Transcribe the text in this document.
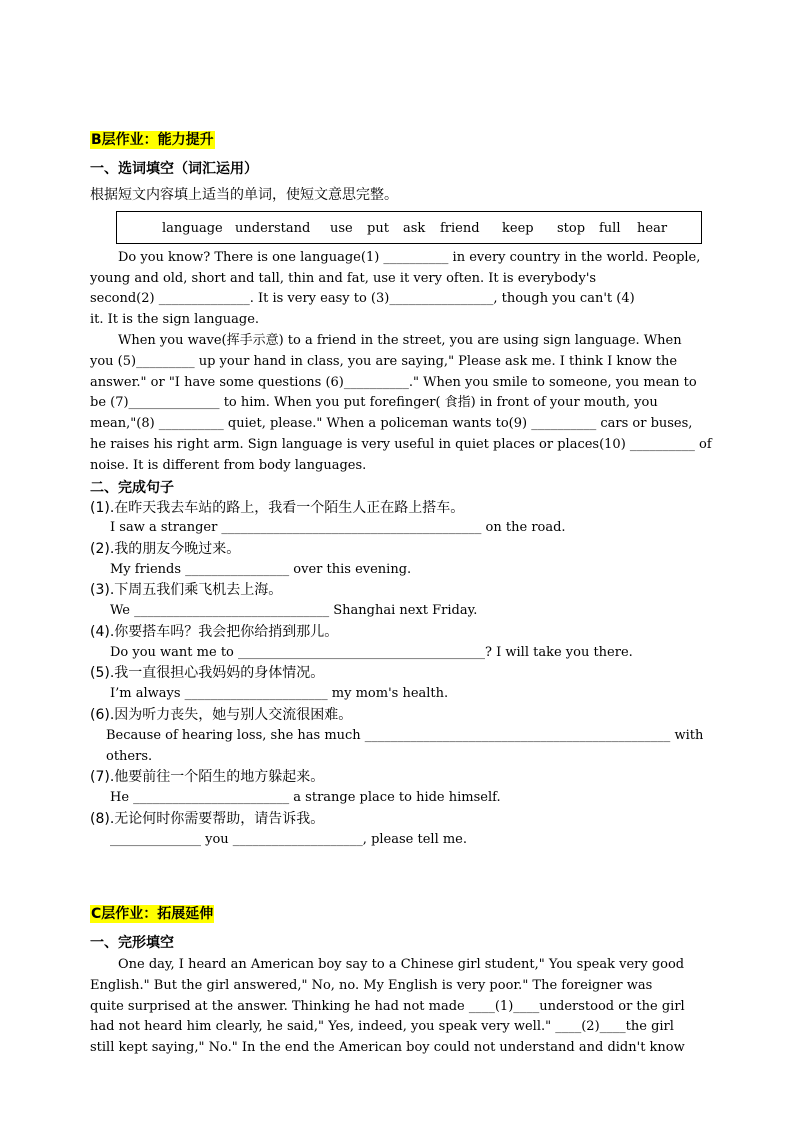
B层作业：能力提升
一、选词填空（词汇运用）
根据短文内容填上适当的单词，使短文意思完整。
language understand use put ask friend keep stop full hear
Do you know? There is one language(1) __________ in every country in the world. People,
young and old, short and tall, thin and fat, use it very often. It is everybody's
second(2) ______________. It is very easy to (3)________________, though you can't (4)
it. It is the sign language.
When you wave(挥手示意) to a friend in the street, you are using sign language. When
you (5)_________ up your hand in class, you are saying," Please ask me. I think I know the
answer." or "I have some questions (6)__________." When you smile to someone, you mean to
be (7)______________ to him. When you put forefinger( 食指) in front of your mouth, you
mean,"(8) __________ quiet, please." When a policeman wants to(9) __________ cars or buses,
he raises his right arm. Sign language is very useful in quiet places or places(10) __________ of
noise. It is different from body languages.
二、完成句子
(1).在昨天我去车站的路上，我看一个陌生人正在路上搭车。
I saw a stranger ________________________________________ on the road.
(2).我的朋友今晚过来。
My friends ________________ over this evening.
(3).下周五我们乘飞机去上海。
We ______________________________ Shanghai next Friday.
(4).你要搭车吗？我会把你给捎到那儿。
Do you want me to ______________________________________? I will take you there.
(5).我一直很担心我妈妈的身体情况。
I’m always ______________________ my mom's health.
(6).因为听力丧失，她与别人交流很困难。
Because of hearing loss, she has much _______________________________________________ with
others.
(7).他要前往一个陌生的地方躲起来。
He ________________________ a strange place to hide himself.
(8).无论何时你需要帮助，请告诉我。
______________ you ____________________, please tell me.
C层作业：拓展延伸
一、完形填空
One day, I heard an American boy say to a Chinese girl student," You speak very good
English." But the girl answered," No, no. My English is very poor." The foreigner was
quite surprised at the answer. Thinking he had not made ____(1)____understood or the girl
had not heard him clearly, he said," Yes, indeed, you speak very well." ____(2)____the girl
still kept saying," No." In the end the American boy could not understand and didn't know
